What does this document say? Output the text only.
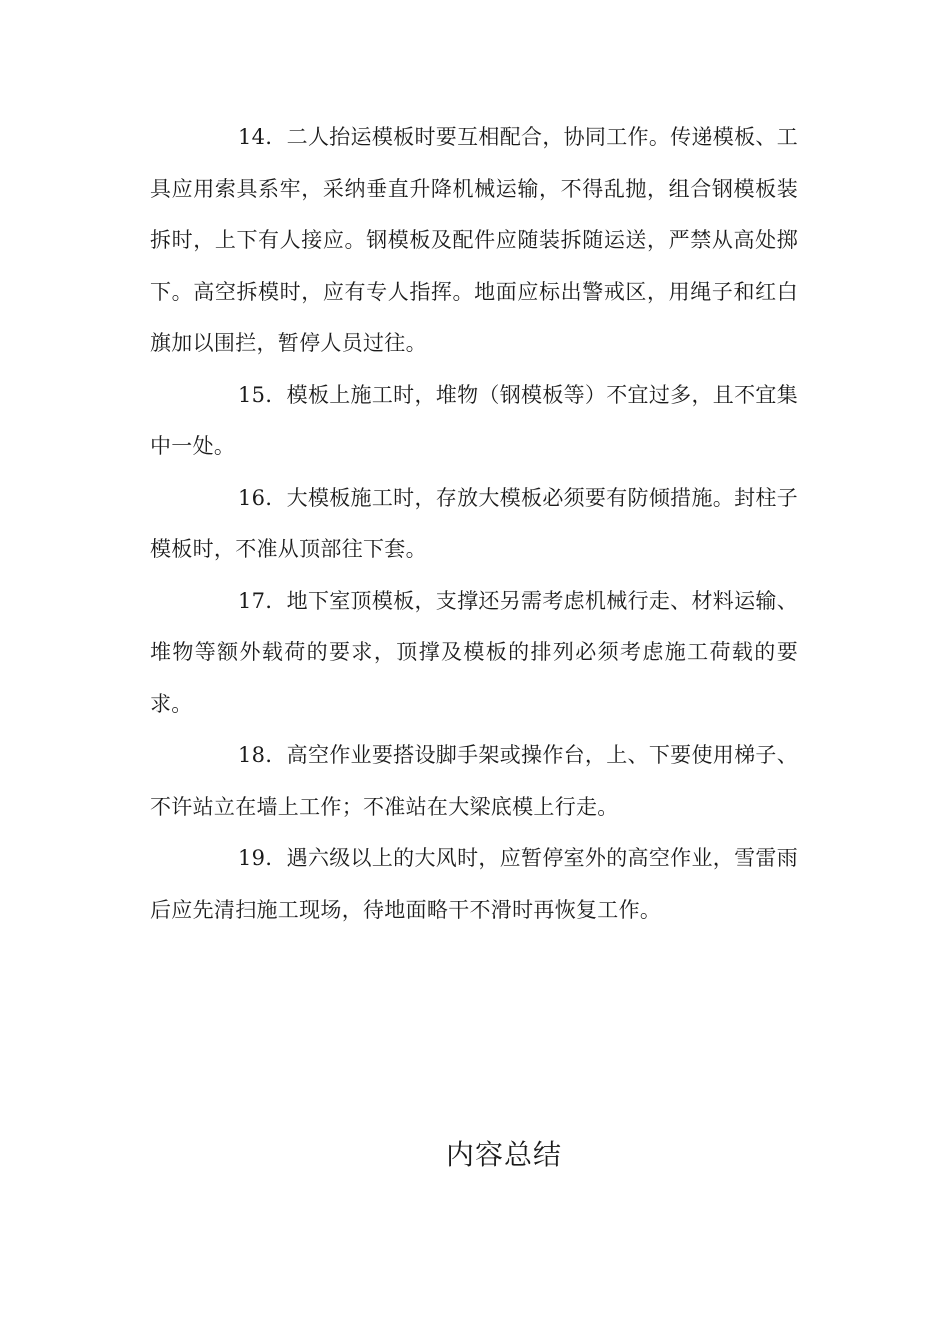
14．二人抬运模板时要互相配合，协同工作。传递模板、工具应用索具系牢，采纳垂直升降机械运输，不得乱抛，组合钢模板装拆时，上下有人接应。钢模板及配件应随装拆随运送，严禁从高处掷下。高空拆模时，应有专人指挥。地面应标出警戒区，用绳子和红白旗加以围拦，暂停人员过往。

15．模板上施工时，堆物（钢模板等）不宜过多，且不宜集中一处。

16．大模板施工时，存放大模板必须要有防倾措施。封柱子模板时，不准从顶部往下套。

17．地下室顶模板，支撑还另需考虑机械行走、材料运输、堆物等额外载荷的要求，顶撑及模板的排列必须考虑施工荷载的要求。

18．高空作业要搭设脚手架或操作台，上、下要使用梯子、不许站立在墙上工作；不准站在大梁底模上行走。

19．遇六级以上的大风时，应暂停室外的高空作业，雪雷雨后应先清扫施工现场，待地面略干不滑时再恢复工作。

内容总结
